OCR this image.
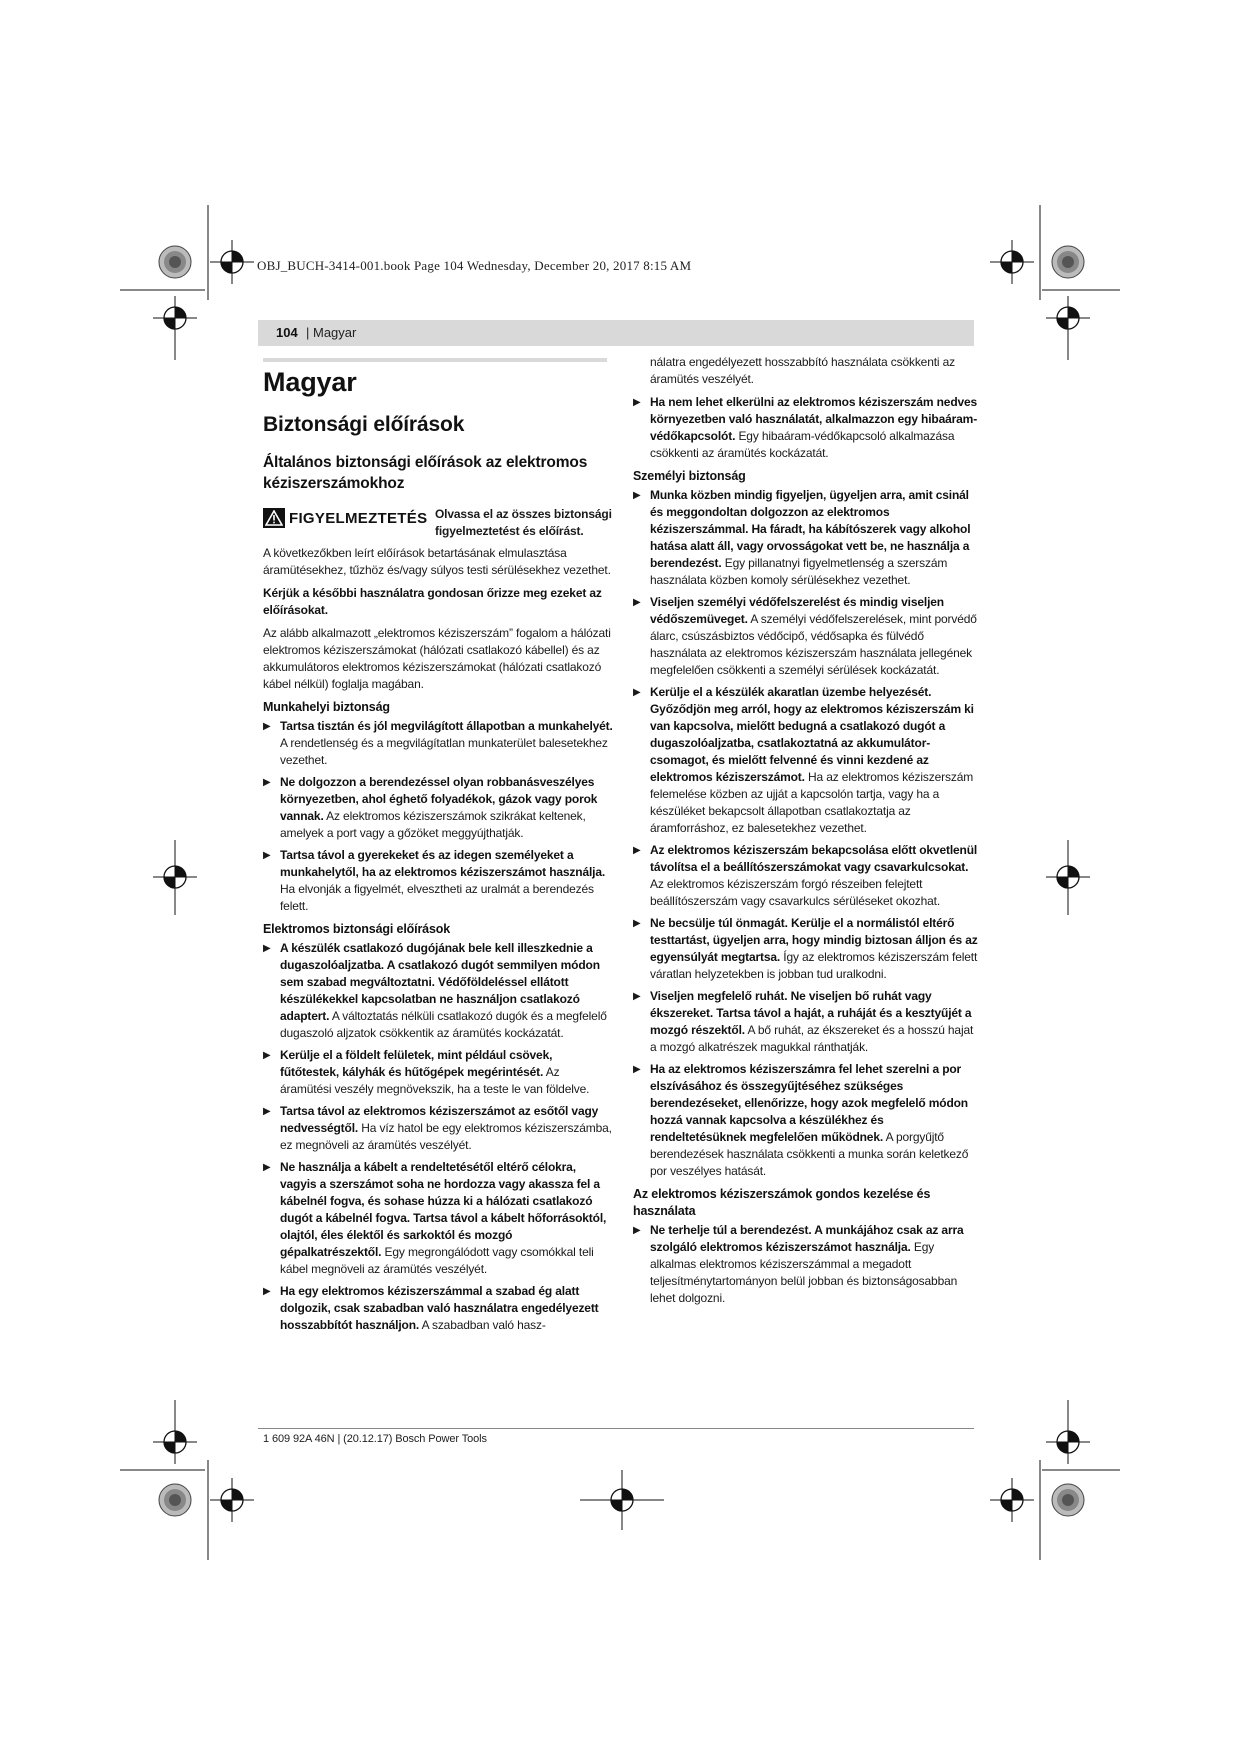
OBJ_BUCH-3414-001.book Page 104 Wednesday, December 20, 2017 8:15 AM
104 | Magyar
Magyar
Biztonsági előírások
Általános biztonsági előírások az elektromos kéziszerszámokhoz
FIGYELMEZTETÉS Olvassa el az összes biztonsági figyelmeztetést és előírást.

A következőkben leírt előírások betartásának elmulasztása áramütésekhez, tűzhöz és/vagy súlyos testi sérülésekhez vezethet.

Kérjük a későbbi használatra gondosan őrizze meg ezeket az előírásokat.

Az alább alkalmazott „elektromos kéziszerszám” fogalom a hálózati elektromos kéziszerszámokat (hálózati csatlakozó kábellel) és az akkumulátoros elektromos kéziszerszámokat (hálózati csatlakozó kábel nélkül) foglalja magában.

Munkahelyi biztonság
▶ Tartsa tisztán és jól megvilágított állapotban a munkahelyét. A rendetlenség és a megvilágítatlan munkaterület balesetekhez vezethet.
▶ Ne dolgozzon a berendezéssel olyan robbanásveszélyes környezetben, ahol éghető folyadékok, gázok vagy porok vannak. Az elektromos kéziszerszámok szikrákat keltenek, amelyek a port vagy a gőzöket meggyújthatják.
▶ Tartsa távol a gyerekeket és az idegen személyeket a munkahelytől, ha az elektromos kéziszerszámot használja. Ha elvonják a figyelmét, elvesztheti az uralmát a berendezés felett.
Elektromos biztonsági előírások
▶ A készülék csatlakozó dugójának bele kell illeszkednie a dugaszolóaljzatba. A csatlakozó dugót semmilyen módon sem szabad megváltoztatni. Védőföldeléssel ellátott készülékekkel kapcsolatban ne használjon csatlakozó adaptert. A változtatás nélküli csatlakozó dugók és a megfelelő dugaszoló aljzatok csökkentik az áramütés kockázatát.
▶ Kerülje el a földelt felületek, mint például csövek, fűtőtestek, kályhák és hűtőgépek megérintését. Az áramütési veszély megnövekszik, ha a teste le van földelve.
▶ Tartsa távol az elektromos kéziszerszámot az esőtől vagy nedvességtől. Ha víz hatol be egy elektromos kéziszerszámba, ez megnöveli az áramütés veszélyét.
▶ Ne használja a kábelt a rendeltetésétől eltérő célokra, vagyis a szerszámot soha ne hordozza vagy akassza fel a kábelnél fogva, és sohase húzza ki a hálózati csatlakozó dugót a kábelnél fogva. Tartsa távol a kábelt hőforrásoktól, olajtól, éles élektől és sarkoktól és mozgó gépalkatrészektől. Egy megrongálódott vagy csomókkal teli kábel megnöveli az áramütés veszélyét.
▶ Ha egy elektromos kéziszerszámmal a szabad ég alatt dolgozik, csak szabadban való használatra engedélyezett hosszabbítót használjon. A szabadban való hasz-

nálatra engedélyezett hosszabbító használata csökkenti az áramütés veszélyét.

▶ Ha nem lehet elkerülni az elektromos kéziszerszám nedves környezetben való használatát, alkalmazzon egy hibaáram-védőkapcsolót. Egy hibaáram-védőkapcsoló alkalmazása csökkenti az áramütés kockázatát.
Személyi biztonság
▶ Munka közben mindig figyeljen, ügyeljen arra, amit csinál és meggondoltan dolgozzon az elektromos kéziszerszámmal. Ha fáradt, ha kábítószerek vagy alkohol hatása alatt áll, vagy orvosságokat vett be, ne használja a berendezést. Egy pillanatnyi figyelmetlenség a szerszám használata közben komoly sérülésekhez vezethet.
▶ Viseljen személyi védőfelszerelést és mindig viseljen védőszemüveget. A személyi védőfelszerelések, mint porvédő álarc, csúszásbiztos védőcipő, védősapka és fülvédő használata az elektromos kéziszerszám használata jellegének megfelelően csökkenti a személyi sérülések kockázatát.
▶ Kerülje el a készülék akaratlan üzembe helyezését. Győződjön meg arról, hogy az elektromos kéziszerszám ki van kapcsolva, mielőtt bedugná a csatlakozó dugót a dugaszolóaljzatba, csatlakoztatná az akkumulátor-csomagot, és mielőtt felvenné és vinni kezdené az elektromos kéziszerszámot. Ha az elektromos kéziszerszám felemelése közben az ujját a kapcsolón tartja, vagy ha a készüléket bekapcsolt állapotban csatlakoztatja az áramforráshoz, ez balesetekhez vezethet.
▶ Az elektromos kéziszerszám bekapcsolása előtt okvetlenül távolítsa el a beállítószerszámokat vagy csavarkulcsokat. Az elektromos kéziszerszám forgó részeiben felejtett beállítószerszám vagy csavarkulcs sérüléseket okozhat.
▶ Ne becsülje túl önmagát. Kerülje el a normálistól eltérő testtartást, ügyeljen arra, hogy mindig biztosan álljon és az egyensúlyát megtartsa. Így az elektromos kéziszerszám felett váratlan helyzetekben is jobban tud uralkodni.
▶ Viseljen megfelelő ruhát. Ne viseljen bő ruhát vagy ékszereket. Tartsa távol a haját, a ruháját és a kesztyűjét a mozgó részektől. A bő ruhát, az ékszereket és a hosszú hajat a mozgó alkatrészek magukkal ránthatják.
▶ Ha az elektromos kéziszerszámra fel lehet szerelni a por elszívásához és összegyűjtéséhez szükséges berendezéseket, ellenőrizze, hogy azok megfelelő módon hozzá vannak kapcsolva a készülékhez és rendeltetésüknek megfelelően működnek. A porgyűjtő berendezések használata csökkenti a munka során keletkező por veszélyes hatását.
Az elektromos kéziszerszámok gondos kezelése és használata
▶ Ne terhelje túl a berendezést. A munkájához csak az arra szolgáló elektromos kéziszerszámot használja. Egy alkalmas elektromos kéziszerszámmal a megadott teljesítménytartományon belül jobban és biztonságosabban lehet dolgozni.
1 609 92A 46N | (20.12.17) Bosch Power Tools
